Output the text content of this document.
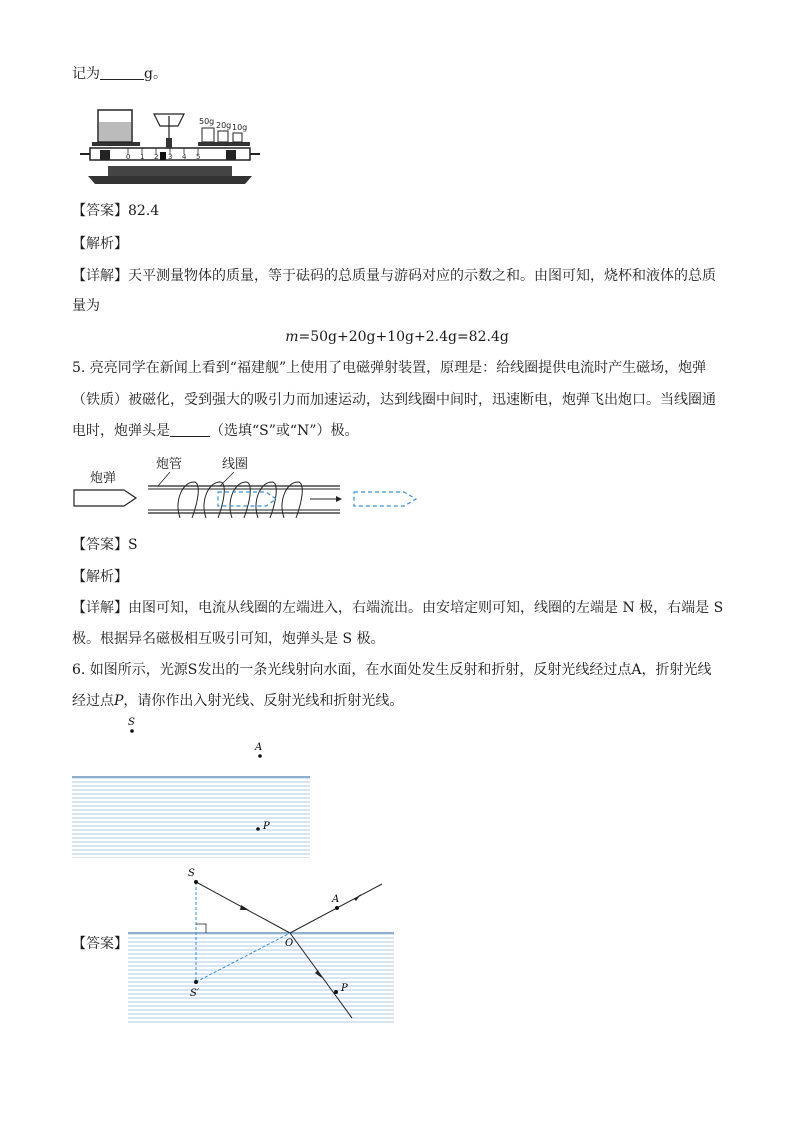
记为	g。
0 1 2 3 4 5
50g 20g 10g
【答案】82.4
【解析】
【详解】天平测量物体的质量，等于砝码的总质量与游码对应的示数之和。由图可知，烧杯和液体的总质
量为
m=50g+20g+10g+2.4g=82.4g
5. 亮亮同学在新闻上看到“福建舰”上使用了电磁弹射装置，原理是：给线圈提供电流时产生磁场，炮弹
（铁质）被磁化，受到强大的吸引力而加速运动，达到线圈中间时，迅速断电，炮弹飞出炮口。当线圈通
电时，炮弹头是	（选填“S”或“N”）极。
炮弹
炮管	线圈
【答案】S
【解析】
【详解】由图可知，电流从线圈的左端进入，右端流出。由安培定则可知，线圈的左端是 N 极，右端是 S
极。根据异名磁极相互吸引可知，炮弹头是 S 极。
6. 如图所示，光源S发出的一条光线射向水面，在水面处发生反射和折射，反射光线经过点A，折射光线
经过点P，请你作出入射光线、反射光线和折射光线。
S
A
P
【答案】
S
A
O
P
S′
